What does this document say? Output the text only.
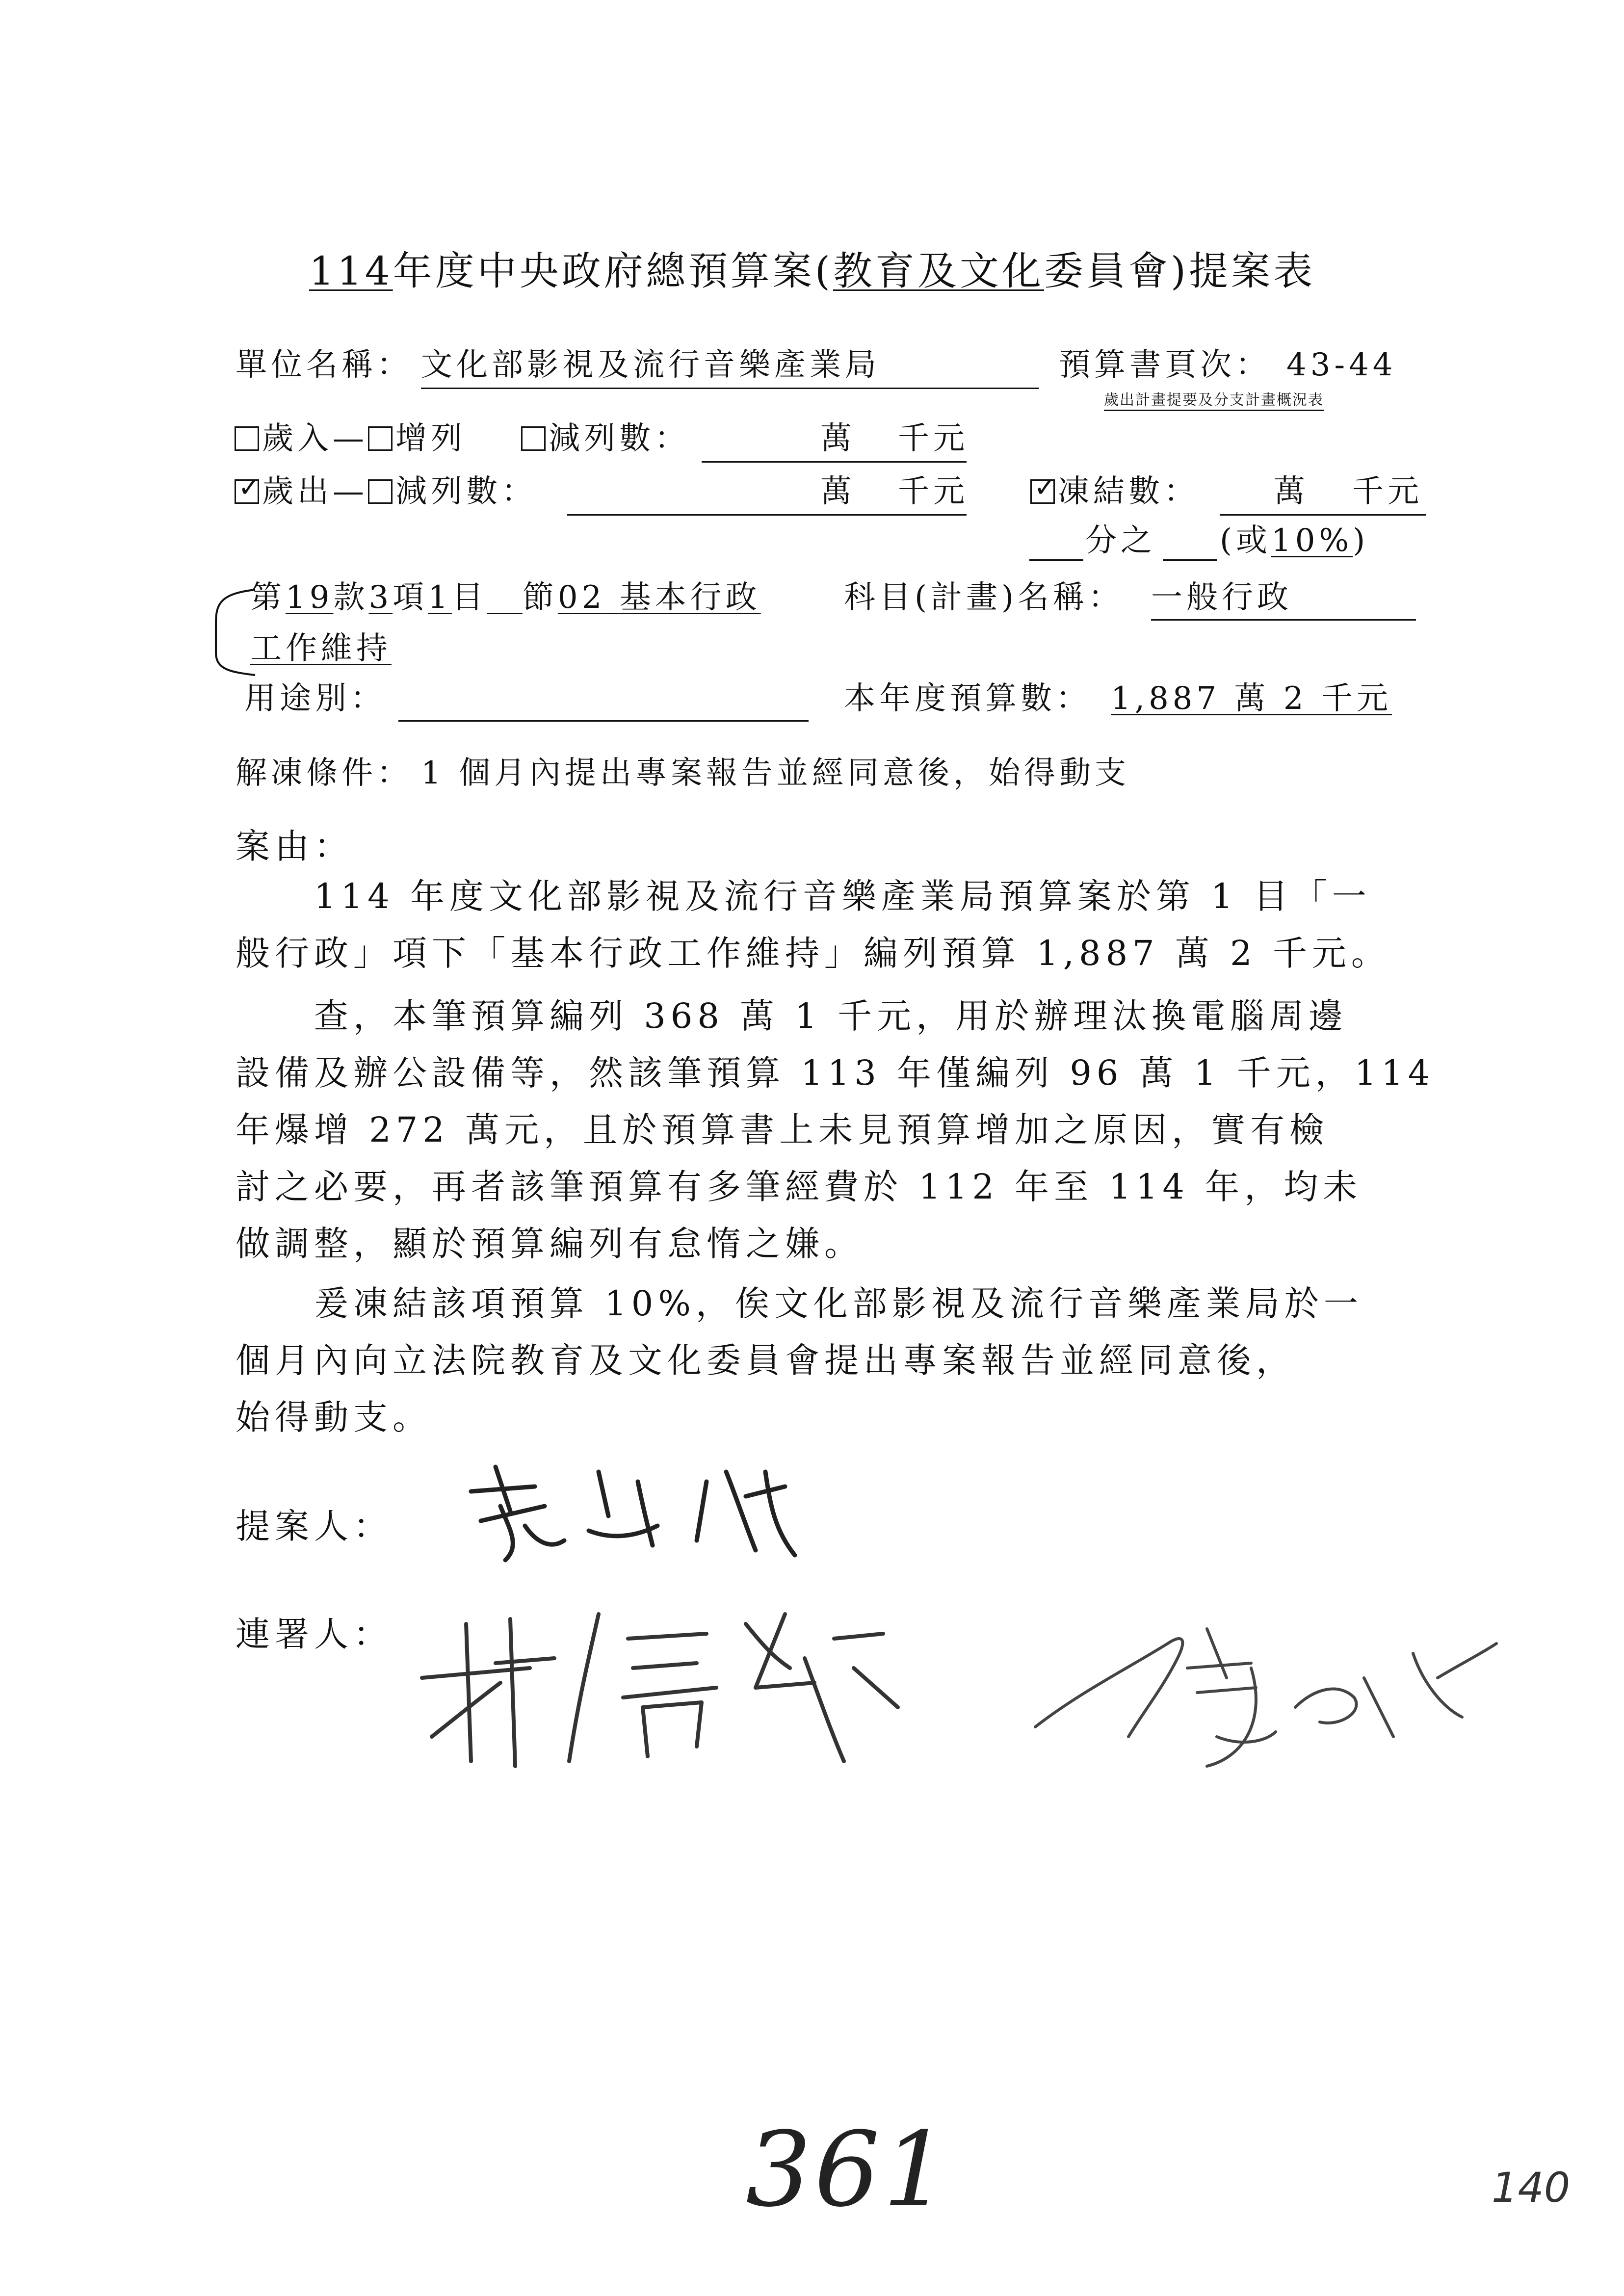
114年度中央政府總預算案(教育及文化委員會)提案表
單位名稱： 文化部影視及流行音樂產業局	預算書頁次： 43-44
歲出計畫提要及分支計畫概況表
歲入— 增列	減列數：	萬 千元
✓歲出— 減列數：	萬 千元
✓	凍結數： 萬 千元
分之 (或10%)
第19款3項1目　 節02 基本行政
工作維持
科目(計畫)名稱： 一般行政
用途別：	本年度預算數： 1,887 萬 2 千元
解凍條件： 1 個月內提出專案報告並經同意後，始得動支
案由：
　　114 年度文化部影視及流行音樂產業局預算案於第 1 目「一
般行政」項下「基本行政工作維持」編列預算 1,887 萬 2 千元。
　　查，本筆預算編列 368 萬 1 千元，用於辦理汰換電腦周邊
設備及辦公設備等，然該筆預算 113 年僅編列 96 萬 1 千元，114
年爆增 272 萬元，且於預算書上未見預算增加之原因，實有檢
討之必要，再者該筆預算有多筆經費於 112 年至 114 年，均未
做調整，顯於預算編列有怠惰之嫌。
　　爰凍結該項預算 10%，俟文化部影視及流行音樂產業局於一
個月內向立法院教育及文化委員會提出專案報告並經同意後，
始得動支。
提案人：
連署人：
361	140
